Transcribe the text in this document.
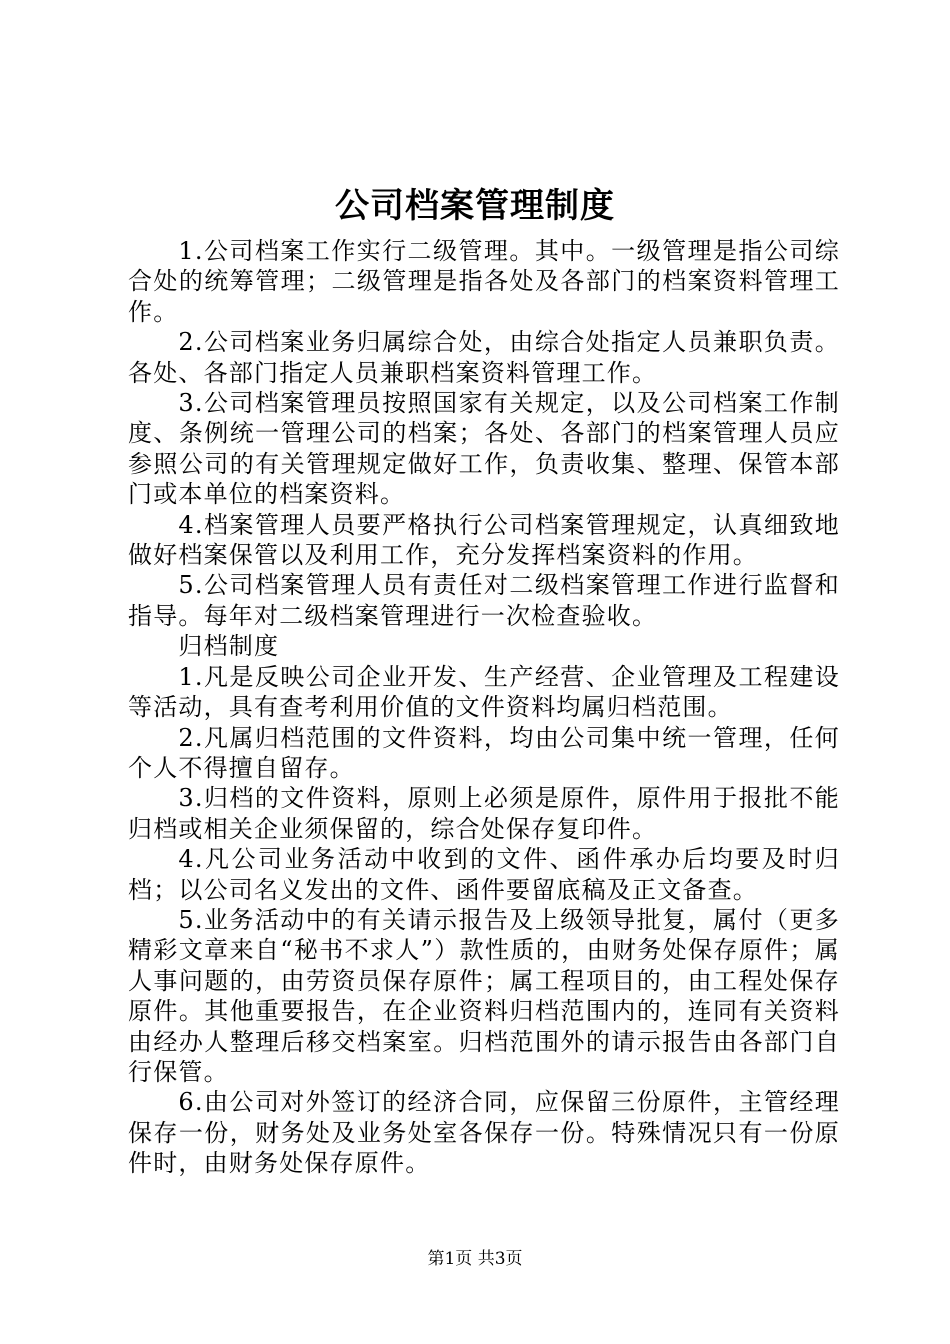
公司档案管理制度

1.公司档案工作实行二级管理。其中。一级管理是指公司综合处的统筹管理；二级管理是指各处及各部门的档案资料管理工作。

2.公司档案业务归属综合处，由综合处指定人员兼职负责。各处、各部门指定人员兼职档案资料管理工作。

3.公司档案管理员按照国家有关规定，以及公司档案工作制度、条例统一管理公司的档案；各处、各部门的档案管理人员应参照公司的有关管理规定做好工作，负责收集、整理、保管本部门或本单位的档案资料。

4.档案管理人员要严格执行公司档案管理规定，认真细致地做好档案保管以及利用工作，充分发挥档案资料的作用。

5.公司档案管理人员有责任对二级档案管理工作进行监督和指导。每年对二级档案管理进行一次检查验收。

归档制度

1.凡是反映公司企业开发、生产经营、企业管理及工程建设等活动，具有查考利用价值的文件资料均属归档范围。

2.凡属归档范围的文件资料，均由公司集中统一管理，任何个人不得擅自留存。

3.归档的文件资料，原则上必须是原件，原件用于报批不能归档或相关企业须保留的，综合处保存复印件。

4.凡公司业务活动中收到的文件、函件承办后均要及时归档；以公司名义发出的文件、函件要留底稿及正文备查。

5.业务活动中的有关请示报告及上级领导批复，属付（更多精彩文章来自“秘书不求人”）款性质的，由财务处保存原件；属人事问题的，由劳资员保存原件；属工程项目的，由工程处保存原件。其他重要报告，在企业资料归档范围内的，连同有关资料由经办人整理后移交档案室。归档范围外的请示报告由各部门自行保管。

6.由公司对外签订的经济合同，应保留三份原件，主管经理保存一份，财务处及业务处室各保存一份。特殊情况只有一份原件时，由财务处保存原件。

第1页 共3页
